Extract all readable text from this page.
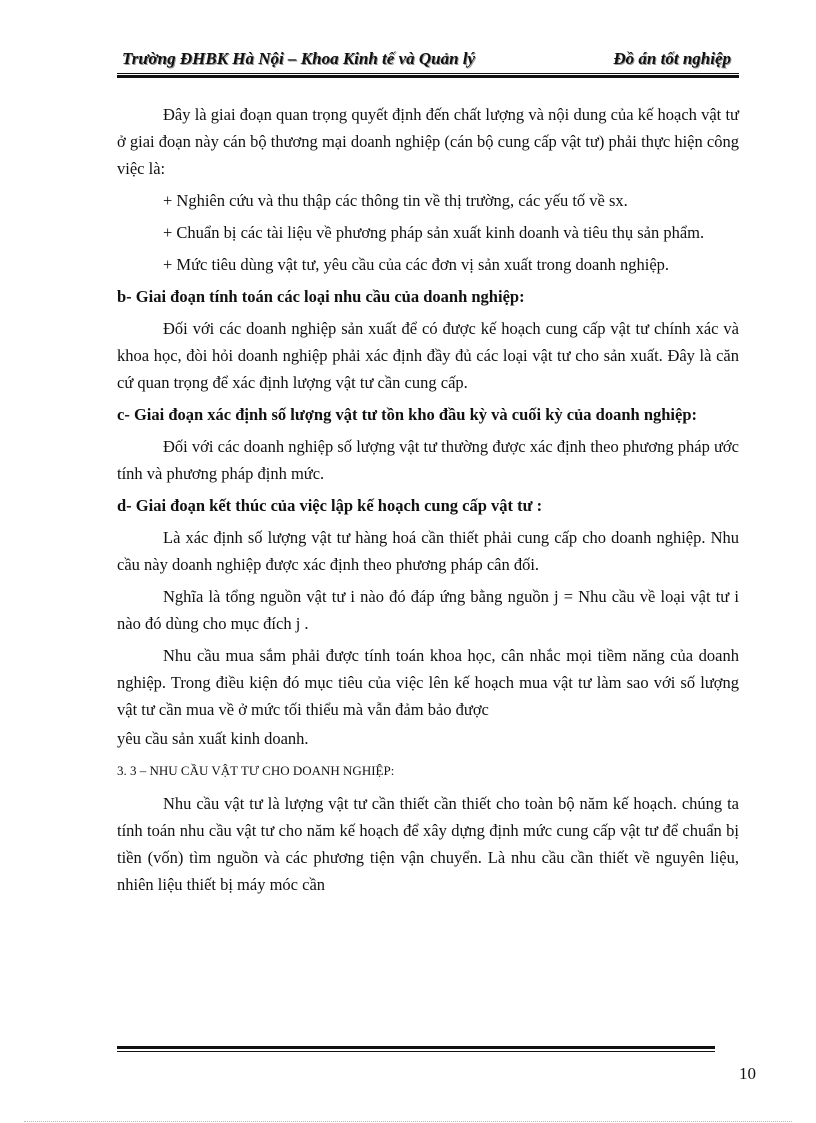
Trường ĐHBK Hà Nội – Khoa Kinh tế và Quản lý	Đồ án tốt nghiệp

Đây là giai đoạn quan trọng quyết định đến chất lượng và nội dung của kế hoạch vật tư ở giai đoạn này cán bộ thương mại doanh nghiệp (cán bộ cung cấp vật tư) phải thực hiện công việc là:

+ Nghiên cứu và thu thập các thông tin về thị trường, các yếu tố về sx.

+ Chuẩn bị các tài liệu về phương pháp sản xuất kinh doanh và tiêu thụ sản phẩm.

+ Mức tiêu dùng vật tư, yêu cầu của các đơn vị sản xuất trong doanh nghiệp.

b- Giai đoạn tính toán các loại nhu cầu của doanh nghiệp:

Đối với các doanh nghiệp sản xuất để có được kế hoạch cung cấp vật tư chính xác và khoa học, đòi hỏi doanh nghiệp phải xác định đầy đủ các loại vật tư cho sản xuất. Đây là căn cứ quan trọng để xác định lượng vật tư cần cung cấp.

c- Giai đoạn xác định số lượng vật tư tồn kho đầu kỳ và cuối kỳ của doanh nghiệp:

Đối với các doanh nghiệp số lượng vật tư thường được xác định theo phương pháp ước tính và phương pháp định mức.

d- Giai đoạn kết thúc của việc lập kế hoạch cung cấp vật tư :

Là xác định số lượng vật tư hàng hoá cần thiết phải cung cấp cho doanh nghiệp. Nhu cầu này doanh nghiệp được xác định theo phương pháp cân đối.

Nghĩa là tổng nguồn vật tư i nào đó đáp ứng bằng nguồn j = Nhu cầu về loại vật tư i nào đó dùng cho mục đích j .

Nhu cầu mua sắm phải được tính toán khoa học, cân nhắc mọi tiềm năng của doanh nghiệp. Trong điều kiện đó mục tiêu của việc lên kế hoạch mua vật tư làm sao với số lượng vật tư cần mua về ở mức tối thiểu mà vẫn đảm bảo được

yêu cầu sản xuất kinh doanh.

3. 3 – NHU CẦU VẬT TƯ CHO DOANH NGHIỆP:

Nhu cầu vật tư là lượng vật tư cần thiết cần thiết cho toàn bộ năm kế hoạch. chúng ta tính toán nhu cầu vật tư cho năm kế hoạch để xây dựng định mức cung cấp vật tư để chuẩn bị tiền (vốn) tìm nguồn và các phương tiện vận chuyển. Là nhu cầu cần thiết về nguyên liệu, nhiên liệu thiết bị máy móc cần

10
